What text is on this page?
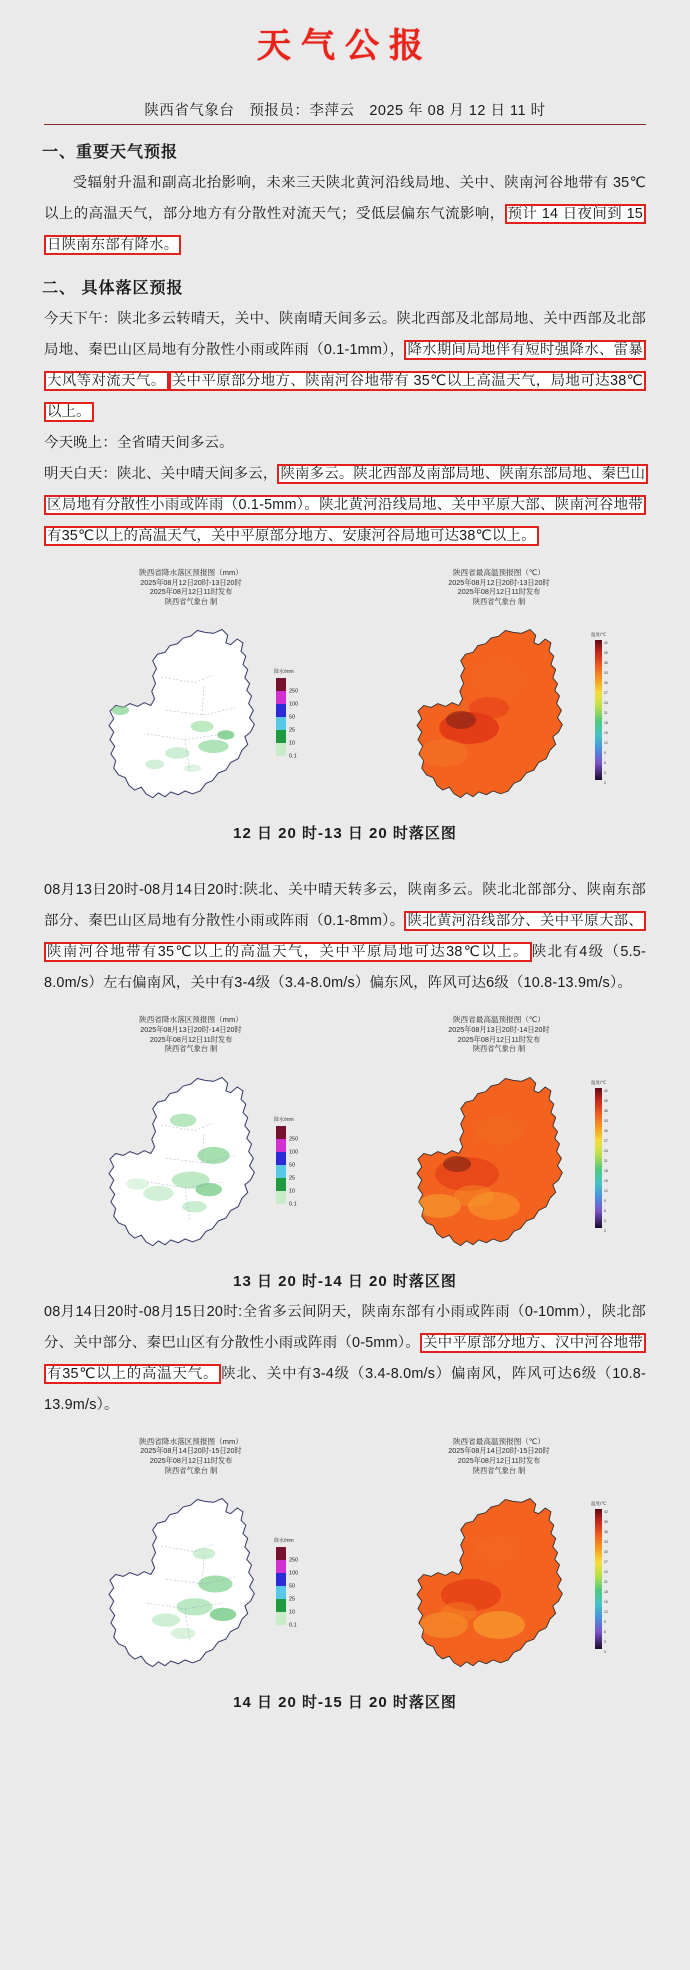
天气公报
陕西省气象台　预报员：李萍云　2025 年 08 月 12 日 11 时
一、重要天气预报

受辐射升温和副高北抬影响，未来三天陕北黄河沿线局地、关中、陕南河谷地带有 35℃以上的高温天气，部分地方有分散性对流天气；受低层偏东气流影响， 预计 14 日夜间到 15 日陕南东部有降水。

二、 具体落区预报

今天下午：陕北多云转晴天，关中、陕南晴天间多云。陕北西部及北部局地、关中西部及北部局地、秦巴山区局地有分散性小雨或阵雨（0.1-1mm）， 降水期间局地伴有短时强降水、雷暴大风等对流天气。 关中平原部分地方、陕南河谷地带有 35℃以上高温天气，局地可达38℃以上。

今天晚上：全省晴天间多云。

明天白天：陕北、关中晴天间多云， 陕南多云。陕北西部及南部局地、陕南东部局地、秦巴山区局地有分散性小雨或阵雨（0.1-5mm）。陕北黄河沿线局地、关中平原大部、陕南河谷地带有35℃以上的高温天气，关中平原部分地方、安康河谷局地可达38℃以上。

陕西省降水落区预报图（mm）
2025年08月12日20时-13日20时
2025年08月12日11时发布
陕西省气象台 制
降水/mm
250
100
50
25
10
0.1
陕西省最高温预报图（℃）
2025年08月12日20时-13日20时
2025年08月12日11时发布
陕西省气象台 制
温度/℃
42
39
36
33
30
27
24
21
18
15
12
9
6
3
0
12 日 20 时-13 日 20 时落区图

08月13日20时-08月14日20时:陕北、关中晴天转多云，陕南多云。陕北北部部分、陕南东部部分、秦巴山区局地有分散性小雨或阵雨（0.1-8mm）。 陕北黄河沿线部分、关中平原大部、陕南河谷地带有35℃以上的高温天气，关中平原局地可达38℃以上。 陕北有4级（5.5-8.0m/s）左右偏南风，关中有3-4级（3.4-8.0m/s）偏东风，阵风可达6级（10.8-13.9m/s）。

陕西省降水落区预报图（mm）
2025年08月13日20时-14日20时
2025年08月12日11时发布
陕西省气象台 制
降水/mm
250
100
50
25
10
0.1
陕西省最高温预报图（℃）
2025年08月13日20时-14日20时
2025年08月12日11时发布
陕西省气象台 制
温度/℃
42
39
36
33
30
27
24
21
18
15
12
9
6
3
0
13 日 20 时-14 日 20 时落区图

08月14日20时-08月15日20时:全省多云间阴天，陕南东部有小雨或阵雨（0-10mm），陕北部分、关中部分、秦巴山区有分散性小雨或阵雨（0-5mm）。 关中平原部分地方、汉中河谷地带有35℃以上的高温天气。 陕北、关中有3-4级（3.4-8.0m/s）偏南风，阵风可达6级（10.8-13.9m/s）。

陕西省降水落区预报图（mm）
2025年08月14日20时-15日20时
2025年08月12日11时发布
陕西省气象台 制
降水/mm
250
100
50
25
10
0.1
陕西省最高温预报图（℃）
2025年08月14日20时-15日20时
2025年08月12日11时发布
陕西省气象台 制
温度/℃
42
39
36
33
30
27
24
21
18
15
12
9
6
3
0
14 日 20 时-15 日 20 时落区图
